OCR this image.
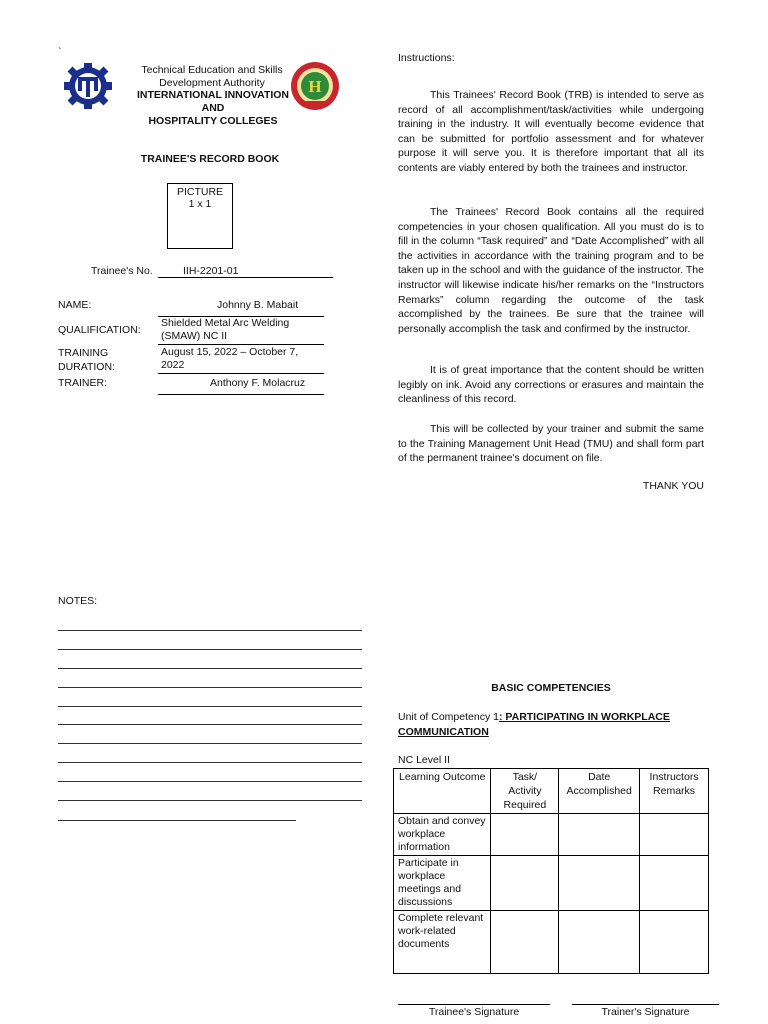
`
Technical Education and Skills
Development Authority
INTERNATIONAL INNOVATION
AND
HOSPITALITY COLLEGES
H
TRAINEE'S RECORD BOOK
PICTURE
1 x 1
Trainee's No.	IIH-2201-01
NAME:	Johnny B. Mabait
QUALIFICATION:
Shielded Metal Arc Welding (SMAW) NC II
TRAINING
DURATION:
August 15, 2022 – October 7, 2022
TRAINER:	Anthony F. Molacruz
Instructions:
This Trainees' Record Book (TRB) is intended to serve as record of all accomplishment/task/activities while undergoing training in the industry. It will eventually become evidence that can be submitted for portfolio assessment and for whatever purpose it will serve you. It is therefore important that all its contents are viably entered by both the trainees and instructor.
The Trainees' Record Book contains all the required competencies in your chosen qualification. All you must do is to fill in the column “Task required” and “Date Accomplished” with all the activities in accordance with the training program and to be taken up in the school and with the guidance of the instructor. The instructor will likewise indicate his/her remarks on the “Instructors Remarks” column regarding the outcome of the task accomplished by the trainees. Be sure that the trainee will personally accomplish the task and confirmed by the instructor.
It is of great importance that the content should be written legibly on ink. Avoid any corrections or erasures and maintain the cleanliness of this record.
This will be collected by your trainer and submit the same to the Training Management Unit Head (TMU) and shall form part of the permanent trainee's document on file.
THANK YOU
NOTES:
BASIC COMPETENCIES
Unit of Competency 1: PARTICIPATING IN WORKPLACE
COMMUNICATION
NC Level II
Learning Outcome	Task/ Activity Required	Date Accomplished	Instructors Remarks
Obtain and convey workplace information			
Participate in workplace meetings and discussions			
Complete relevant work-related documents			
Trainee's Signature	Trainer's Signature
